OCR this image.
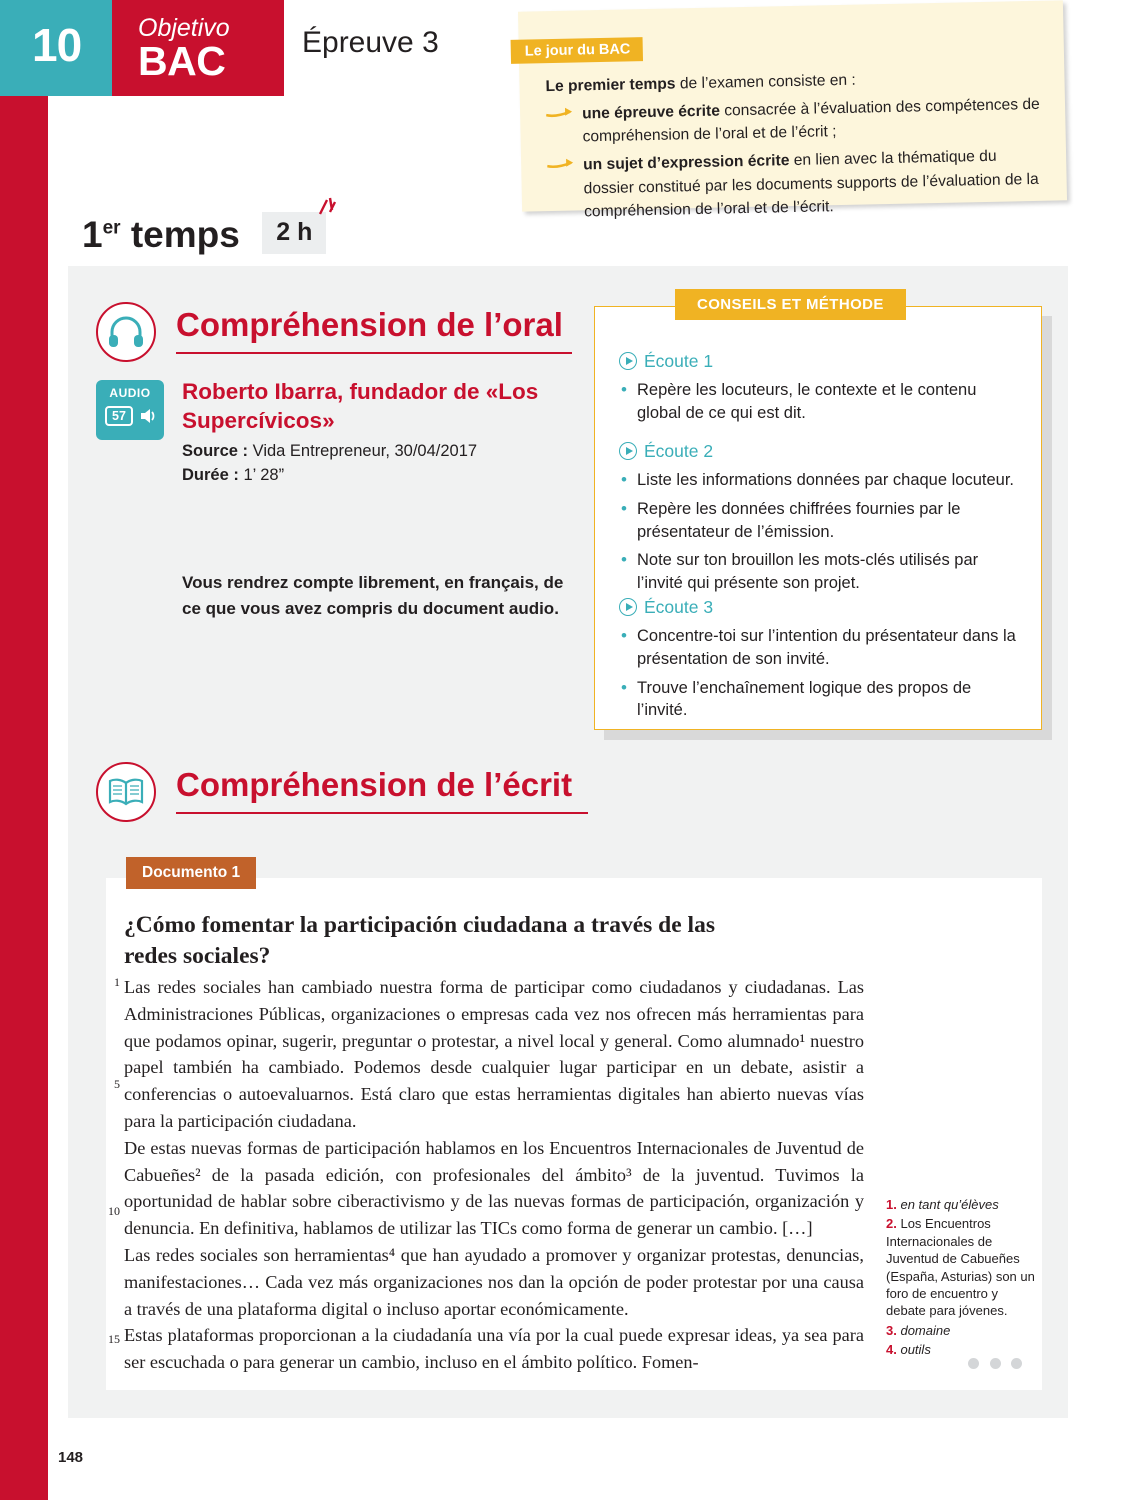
148
10 Objetivo
BAC	Épreuve 3	Le jour du BAC

Le premier temps de l’examen consiste en :

une épreuve écrite consacrée à l’évaluation des compétences de compréhension de l’oral et de l’écrit ;
un sujet d’expression écrite en lien avec la thématique du dossier constitué par les documents supports de l’évaluation de la compréhension de l’oral et de l’écrit.
1er temps 2 h
Compréhension de l’oral
AUDIO
57
Roberto Ibarra, fundador de «Los Supercívicos»
Source : Vida Entrepreneur, 30/04/2017
Durée : 1’ 28”
Vous rendrez compte librement, en français, de ce que vous avez compris du document audio.
CONSEILS ET MÉTHODE
Écoute 1
• Repère les locuteurs, le contexte et le contenu global de ce qui est dit.
Écoute 2
• Liste les informations données par chaque locuteur.
• Repère les données chiffrées fournies par le présentateur de l’émission.
• Note sur ton brouillon les mots-clés utilisés par l’invité qui présente son projet.
Écoute 3
• Concentre-toi sur l’intention du présentateur dans la présentation de son invité.
• Trouve l’enchaînement logique des propos de l’invité.
Compréhension de l’écrit
Documento 1
¿Cómo fomentar la participación ciudadana a través de las redes sociales?
1
5
10
15

Las redes sociales han cambiado nuestra forma de participar como ciudadanos y ciudadanas. Las Administraciones Públicas, organizaciones o empresas cada vez nos ofrecen más herramientas para que podamos opinar, sugerir, preguntar o protestar, a nivel local y general. Como alumnado¹ nuestro papel también ha cambiado. Podemos desde cualquier lugar participar en un debate, asistir a conferencias o autoevaluarnos. Está claro que estas herramientas digitales han abierto nuevas vías para la participación ciudadana.

De estas nuevas formas de participación hablamos en los Encuentros Internacionales de Juventud de Cabueñes² de la pasada edición, con profesionales del ámbito³ de la juventud. Tuvimos la oportunidad de hablar sobre ciberactivismo y de las nuevas formas de participación, organización y denuncia. En definitiva, hablamos de utilizar las TICs como forma de generar un cambio. […]

Las redes sociales son herramientas⁴ que han ayudado a promover y organizar protestas, denuncias, manifestaciones… Cada vez más organizaciones nos dan la opción de poder protestar por una causa a través de una plataforma digital o incluso aportar económicamente.

Estas plataformas proporcionan a la ciudadanía una vía por la cual puede expresar ideas, ya sea para ser escuchada o para generar un cambio, incluso en el ámbito político. Fomen-

1. en tant qu’élèves
2. Los Encuentros Internacionales de Juventud de Cabueñes (España, Asturias) son un foro de encuentro y debate para jóvenes.
3. domaine
4. outils
